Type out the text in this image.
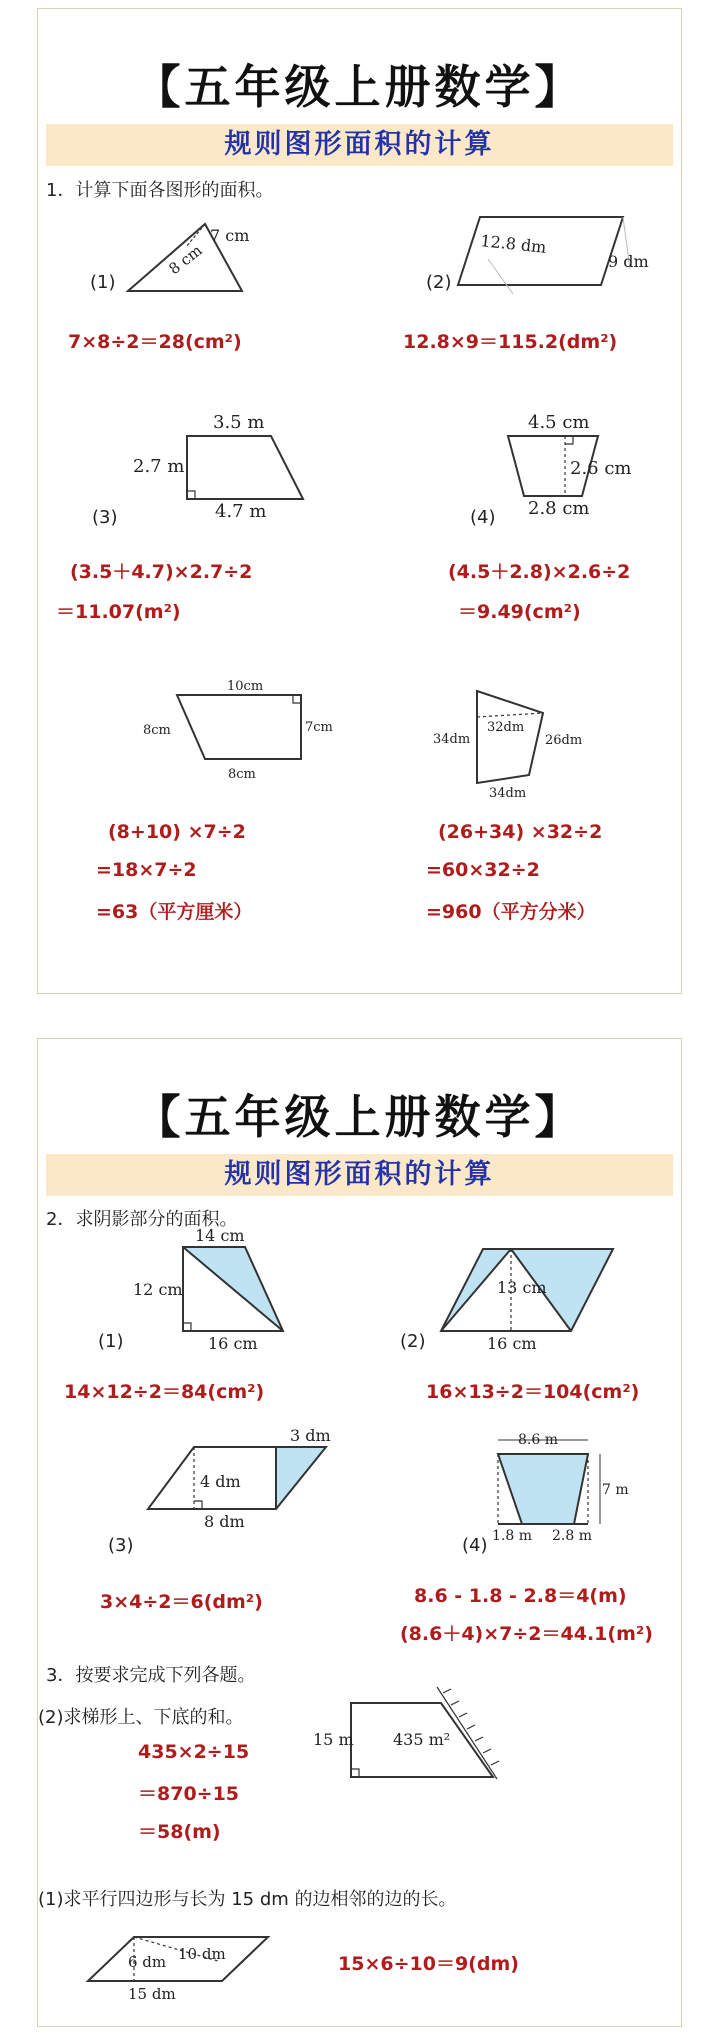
【五年级上册数学】
规则图形面积的计算
1．计算下面各图形的面积。
(1)
7 cm
8 cm
7×8÷2＝28(cm²)
(2)
12.8 dm
9 dm
12.8×9＝115.2(dm²)
(3)
3.5 m
2.7 m
4.7 m
(3.5＋4.7)×2.7÷2
＝11.07(m²)
(4)
4.5 cm
2.6 cm
2.8 cm
(4.5＋2.8)×2.6÷2
＝9.49(cm²)
10cm
8cm	7cm
8cm
(8+10) ×7÷2
=18×7÷2
=63（平方厘米）
32dm
34dm	26dm
34dm
(26+34) ×32÷2
=60×32÷2
=960（平方分米）
【五年级上册数学】
规则图形面积的计算
2．求阴影部分的面积。
(1)
14 cm
12 cm
16 cm
14×12÷2＝84(cm²)
(2)
13 cm
16 cm
16×13÷2＝104(cm²)
(3)
3 dm
4 dm
8 dm
3×4÷2＝6(dm²)
(4)
8.6 m
7 m
1.8 m 2.8 m
8.6 - 1.8 - 2.8＝4(m)
(8.6＋4)×7÷2＝44.1(m²)
3．按要求完成下列各题。
(2)求梯形上、下底的和。
15 m 435 m²
435×2÷15
＝870÷15
＝58(m)
(1)求平行四边形与长为 15 dm 的边相邻的边的长。
6 dm 10 dm
15 dm
15×6÷10＝9(dm)
